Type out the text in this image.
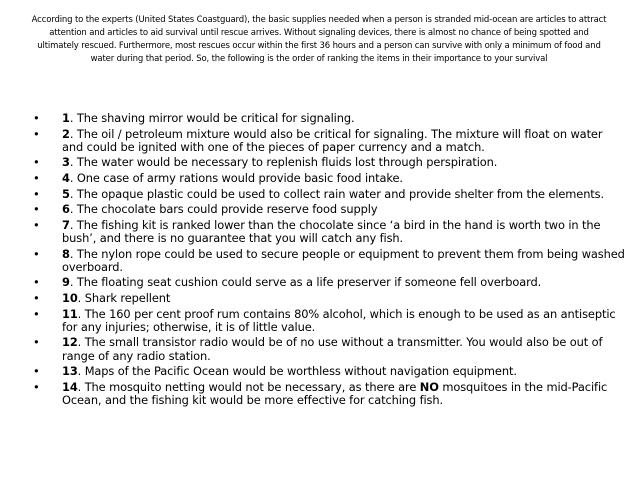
According to the experts (United States Coastguard), the basic supplies needed when a person is stranded mid-ocean are articles to attract attention and articles to aid survival until rescue arrives. Without signaling devices, there is almost no chance of being spotted and ultimately rescued. Furthermore, most rescues occur within the first 36 hours and a person can survive with only a minimum of food and water during that period. So, the following is the order of ranking the items in their importance to your survival

• 1. The shaving mirror would be critical for signaling.
• 2. The oil / petroleum mixture would also be critical for signaling. The mixture will float on water and could be ignited with one of the pieces of paper currency and a match.
• 3. The water would be necessary to replenish fluids lost through perspiration.
• 4. One case of army rations would provide basic food intake.
• 5. The opaque plastic could be used to collect rain water and provide shelter from the elements.
• 6. The chocolate bars could provide reserve food supply
• 7. The fishing kit is ranked lower than the chocolate since ‘a bird in the hand is worth two in the bush’, and there is no guarantee that you will catch any fish.
• 8. The nylon rope could be used to secure people or equipment to prevent them from being washed overboard.
• 9. The floating seat cushion could serve as a life preserver if someone fell overboard.
• 10. Shark repellent
• 11. The 160 per cent proof rum contains 80% alcohol, which is enough to be used as an antiseptic for any injuries; otherwise, it is of little value.
• 12. The small transistor radio would be of no use without a transmitter. You would also be out of range of any radio station.
• 13. Maps of the Pacific Ocean would be worthless without navigation equipment.
• 14. The mosquito netting would not be necessary, as there are NO mosquitoes in the mid-Pacific Ocean, and the fishing kit would be more effective for catching fish.
